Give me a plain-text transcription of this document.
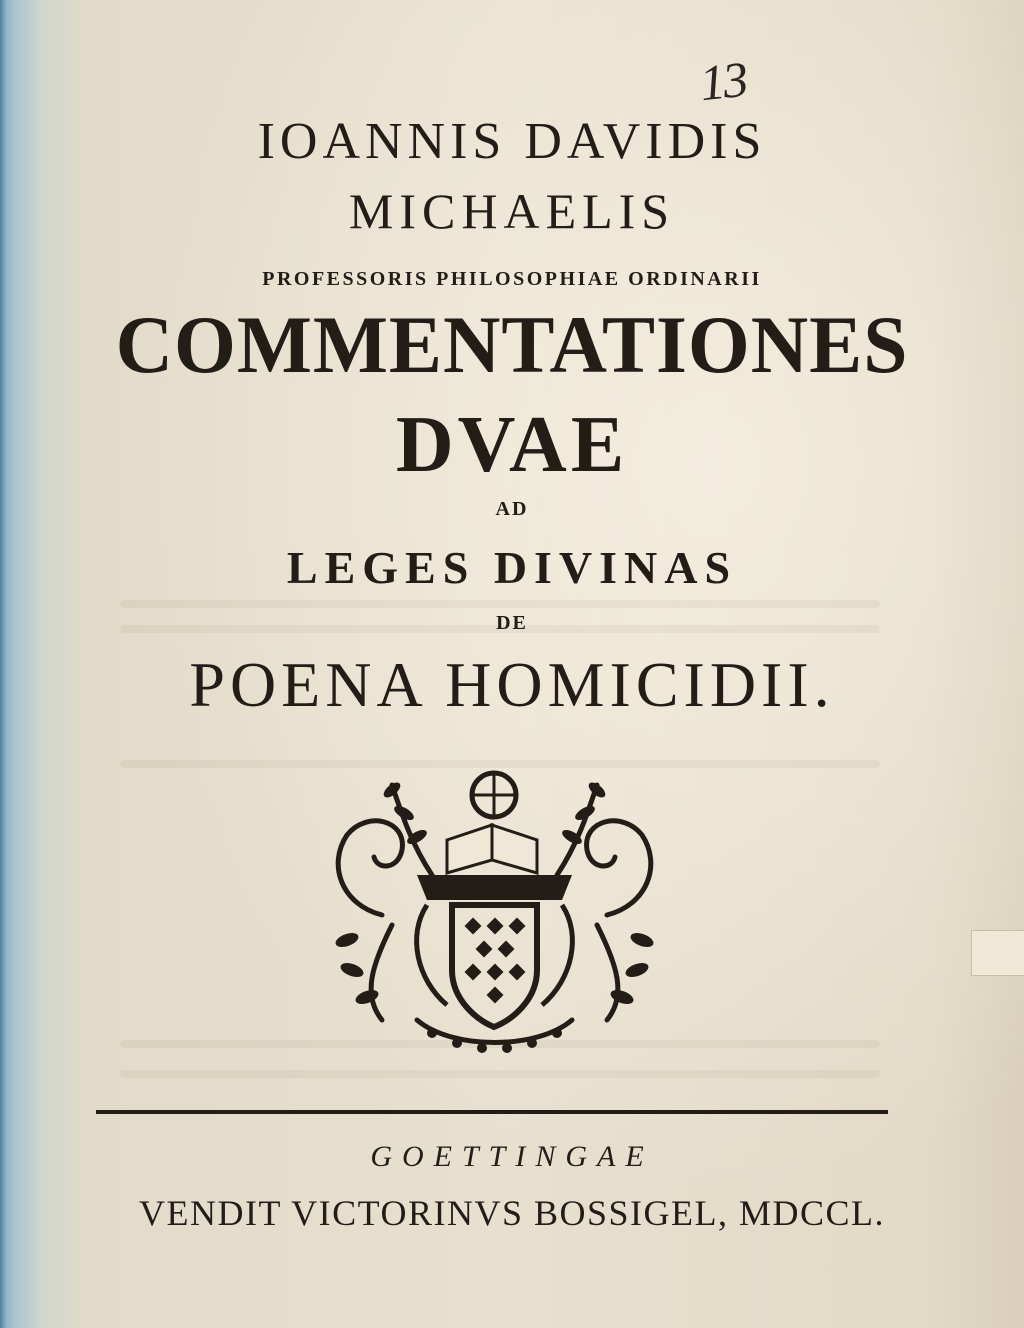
13
IOANNIS DAVIDIS
MICHAELIS
PROFESSORIS PHILOSOPHIAE ORDINARII
COMMENTATIONES
DVAE
AD
LEGES DIVINAS
DE
POENA HOMICIDII.
GOETTINGAE
VENDIT VICTORINVS BOSSIGEL, MDCCL.
